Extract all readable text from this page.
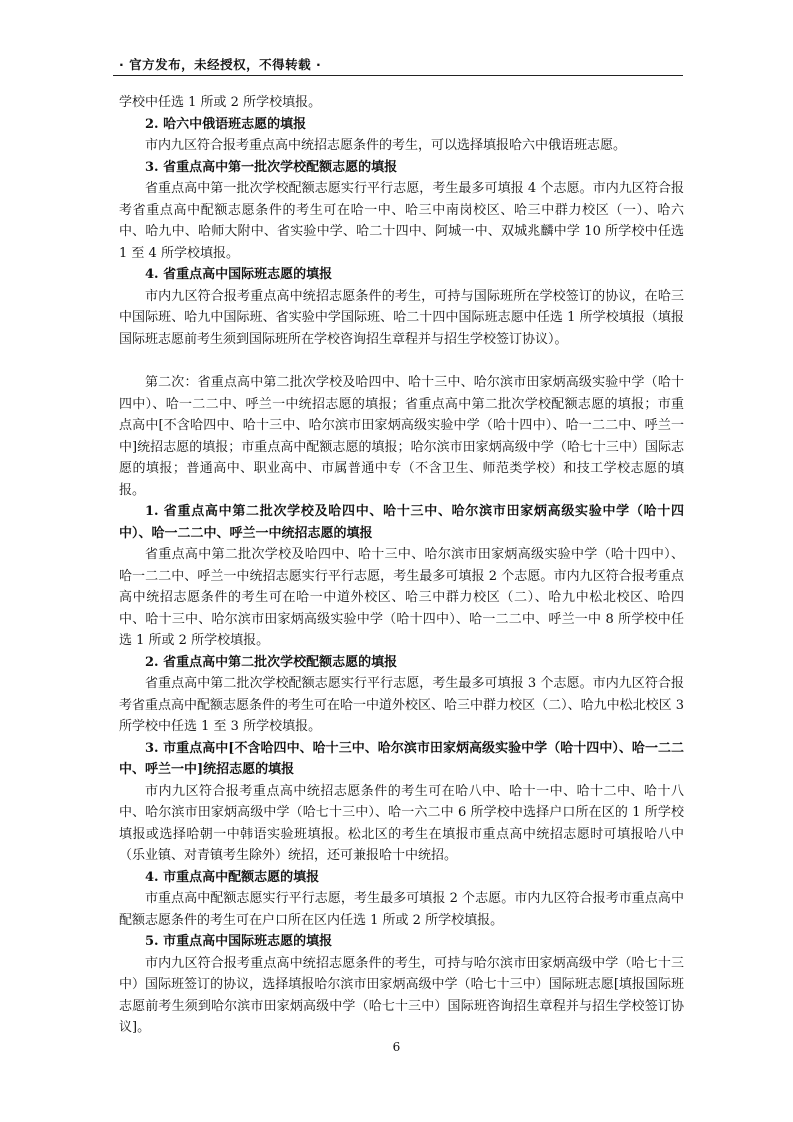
· 官方发布，未经授权，不得转载 ·

学校中任选 1 所或 2 所学校填报。

2. 哈六中俄语班志愿的填报

市内九区符合报考重点高中统招志愿条件的考生，可以选择填报哈六中俄语班志愿。

3. 省重点高中第一批次学校配额志愿的填报

省重点高中第一批次学校配额志愿实行平行志愿，考生最多可填报 4 个志愿。市内九区符合报考省重点高中配额志愿条件的考生可在哈一中、哈三中南岗校区、哈三中群力校区（一）、哈六中、哈九中、哈师大附中、省实验中学、哈二十四中、阿城一中、双城兆麟中学 10 所学校中任选 1 至 4 所学校填报。

4. 省重点高中国际班志愿的填报

市内九区符合报考重点高中统招志愿条件的考生，可持与国际班所在学校签订的协议，在哈三中国际班、哈九中国际班、省实验中学国际班、哈二十四中国际班志愿中任选 1 所学校填报（填报国际班志愿前考生须到国际班所在学校咨询招生章程并与招生学校签订协议）。

第二次：省重点高中第二批次学校及哈四中、哈十三中、哈尔滨市田家炳高级实验中学（哈十四中）、哈一二二中、呼兰一中统招志愿的填报；省重点高中第二批次学校配额志愿的填报；市重点高中[不含哈四中、哈十三中、哈尔滨市田家炳高级实验中学（哈十四中）、哈一二二中、呼兰一中]统招志愿的填报；市重点高中配额志愿的填报；哈尔滨市田家炳高级中学（哈七十三中）国际志愿的填报；普通高中、职业高中、市属普通中专（不含卫生、师范类学校）和技工学校志愿的填报。

1. 省重点高中第二批次学校及哈四中、哈十三中、哈尔滨市田家炳高级实验中学（哈十四中）、哈一二二中、呼兰一中统招志愿的填报

省重点高中第二批次学校及哈四中、哈十三中、哈尔滨市田家炳高级实验中学（哈十四中）、哈一二二中、呼兰一中统招志愿实行平行志愿，考生最多可填报 2 个志愿。市内九区符合报考重点高中统招志愿条件的考生可在哈一中道外校区、哈三中群力校区（二）、哈九中松北校区、哈四中、哈十三中、哈尔滨市田家炳高级实验中学（哈十四中）、哈一二二中、呼兰一中 8 所学校中任选 1 所或 2 所学校填报。

2. 省重点高中第二批次学校配额志愿的填报

省重点高中第二批次学校配额志愿实行平行志愿，考生最多可填报 3 个志愿。市内九区符合报考省重点高中配额志愿条件的考生可在哈一中道外校区、哈三中群力校区（二）、哈九中松北校区 3 所学校中任选 1 至 3 所学校填报。

3. 市重点高中[不含哈四中、哈十三中、哈尔滨市田家炳高级实验中学（哈十四中）、哈一二二中、呼兰一中]统招志愿的填报

市内九区符合报考重点高中统招志愿条件的考生可在哈八中、哈十一中、哈十二中、哈十八中、哈尔滨市田家炳高级中学（哈七十三中）、哈一六二中 6 所学校中选择户口所在区的 1 所学校填报或选择哈朝一中韩语实验班填报。松北区的考生在填报市重点高中统招志愿时可填报哈八中（乐业镇、对青镇考生除外）统招，还可兼报哈十中统招。

4. 市重点高中配额志愿的填报

市重点高中配额志愿实行平行志愿，考生最多可填报 2 个志愿。市内九区符合报考市重点高中配额志愿条件的考生可在户口所在区内任选 1 所或 2 所学校填报。

5. 市重点高中国际班志愿的填报

市内九区符合报考重点高中统招志愿条件的考生，可持与哈尔滨市田家炳高级中学（哈七十三中）国际班签订的协议，选择填报哈尔滨市田家炳高级中学（哈七十三中）国际班志愿[填报国际班志愿前考生须到哈尔滨市田家炳高级中学（哈七十三中）国际班咨询招生章程并与招生学校签订协议]。

6
